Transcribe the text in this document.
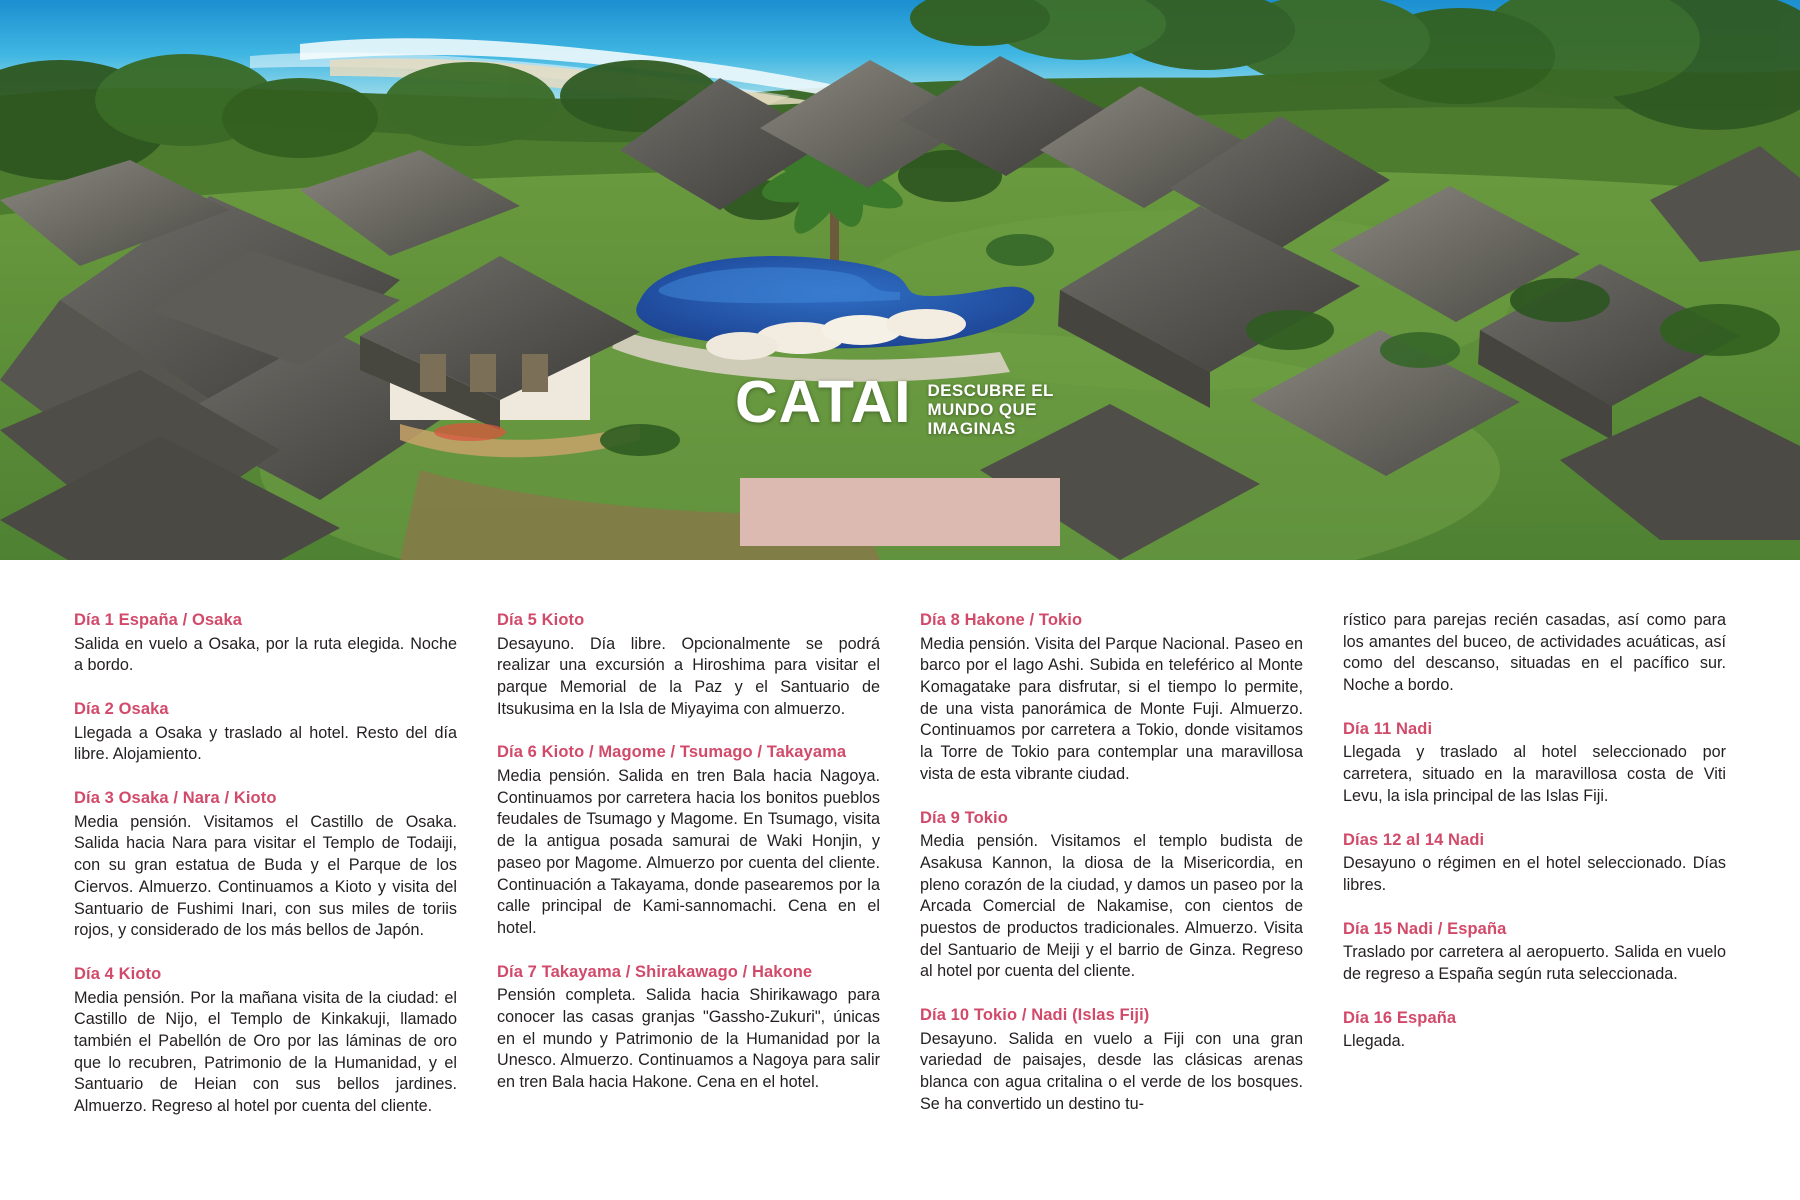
CATAI DESCUBRE EL
MUNDO QUE
IMAGINAS
Día 1 España / Osaka

Salida en vuelo a Osaka, por la ruta elegida. Noche a bordo.

Día 2 Osaka

Llegada a Osaka y traslado al hotel. Resto del día libre. Alojamiento.

Día 3 Osaka / Nara / Kioto

Media pensión. Visitamos el Castillo de Osaka. Salida hacia Nara para visitar el Templo de Todaiji, con su gran estatua de Buda y el Parque de los Ciervos. Almuerzo. Continuamos a Kioto y visita del Santuario de Fushimi Inari, con sus miles de toriis rojos, y considerado de los más bellos de Japón.

Día 4 Kioto

Media pensión. Por la mañana visita de la ciudad: el Castillo de Nijo, el Templo de Kinkakuji, llamado también el Pabellón de Oro por las láminas de oro que lo recubren, Patrimonio de la Humanidad, y el Santuario de Heian con sus bellos jardines. Almuerzo. Regreso al hotel por cuenta del cliente.

Día 5 Kioto

Desayuno. Día libre. Opcionalmente se podrá realizar una excursión a Hiroshima para visitar el parque Memorial de la Paz y el Santuario de Itsukusima en la Isla de Miyayima con almuerzo.

Día 6 Kioto / Magome / Tsumago / Takayama

Media pensión. Salida en tren Bala hacia Nagoya. Continuamos por carretera hacia los bonitos pueblos feudales de Tsumago y Magome. En Tsumago, visita de la antigua posada samurai de Waki Honjin, y paseo por Magome. Almuerzo por cuenta del cliente. Continuación a Takayama, donde pasearemos por la calle principal de Kami-sannomachi. Cena en el hotel.

Día 7 Takayama / Shirakawago / Hakone

Pensión completa. Salida hacia Shirikawago para conocer las casas granjas "Gassho-Zukuri", únicas en el mundo y Patrimonio de la Humanidad por la Unesco. Almuerzo. Continuamos a Nagoya para salir en tren Bala hacia Hakone. Cena en el hotel.

Día 8 Hakone / Tokio

Media pensión. Visita del Parque Nacional. Paseo en barco por el lago Ashi. Subida en teleférico al Monte Komagatake para disfrutar, si el tiempo lo permite, de una vista panorámica de Monte Fuji. Almuerzo. Continuamos por carretera a Tokio, donde visitamos la Torre de Tokio para contemplar una maravillosa vista de esta vibrante ciudad.

Día 9 Tokio

Media pensión. Visitamos el templo budista de Asakusa Kannon, la diosa de la Misericordia, en pleno corazón de la ciudad, y damos un paseo por la Arcada Comercial de Nakamise, con cientos de puestos de productos tradicionales. Almuerzo. Visita del Santuario de Meiji y el barrio de Ginza. Regreso al hotel por cuenta del cliente.

Día 10 Tokio / Nadi (Islas Fiji)

Desayuno. Salida en vuelo a Fiji con una gran variedad de paisajes, desde las clásicas arenas blanca con agua critalina o el verde de los bosques. Se ha convertido un destino tu-

rístico para parejas recién casadas, así como para los amantes del buceo, de actividades acuáticas, así como del descanso, situadas en el pacífico sur. Noche a bordo.

Día 11 Nadi

Llegada y traslado al hotel seleccionado por carretera, situado en la maravillosa costa de Viti Levu, la isla principal de las Islas Fiji.

Días 12 al 14 Nadi

Desayuno o régimen en el hotel seleccionado. Días libres.

Día 15 Nadi / España

Traslado por carretera al aeropuerto. Salida en vuelo de regreso a España según ruta seleccionada.

Día 16 España

Llegada.
